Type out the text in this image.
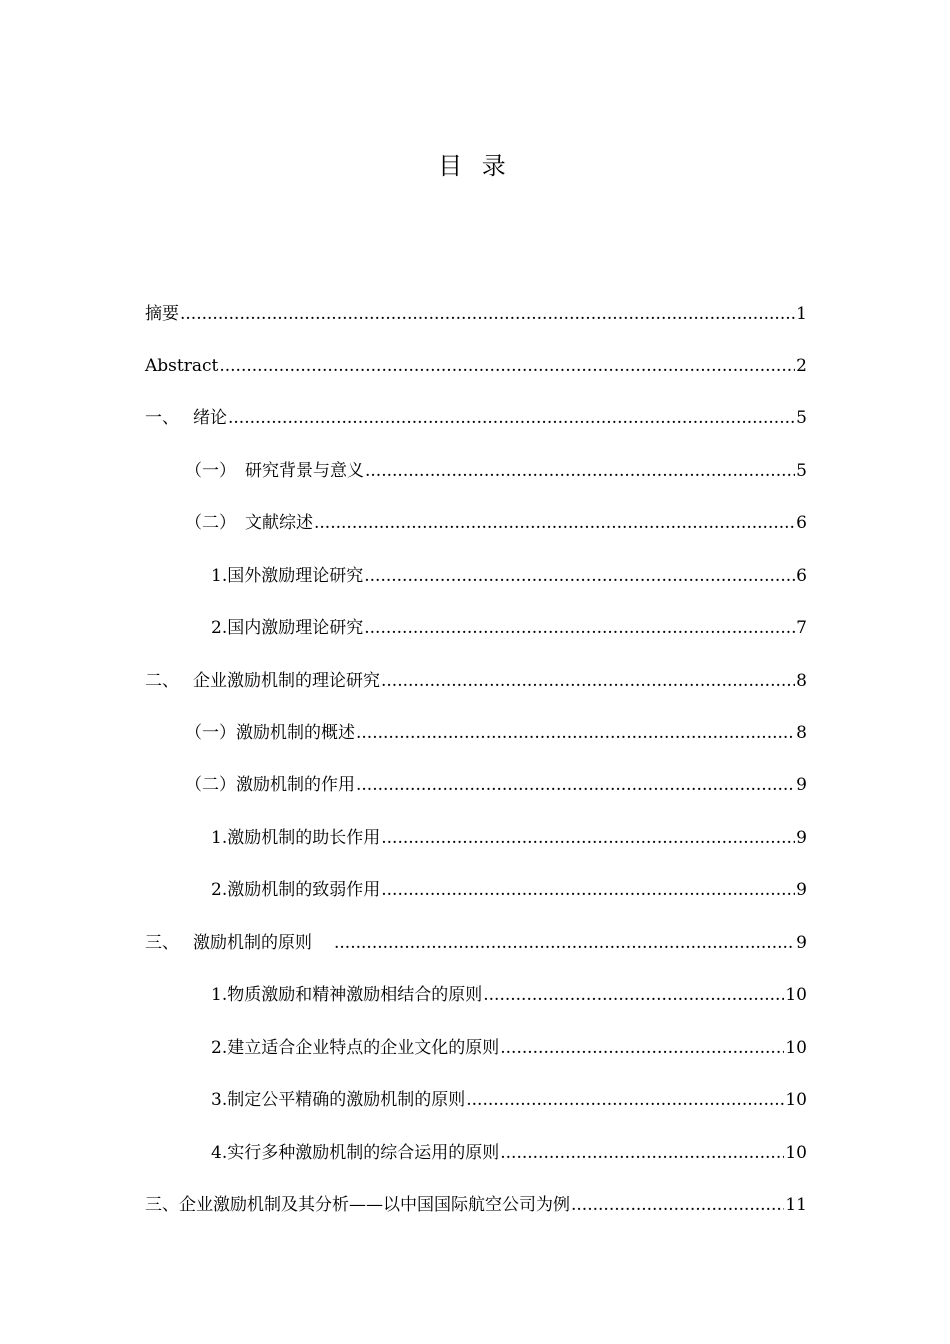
目 录
摘要 .....	1
Abstract .....	2
一、 绪论 .....	5
（一） 研究背景与意义 .....	5
（二） 文献综述 .....	6
1.国外激励理论研究 .....	6
2.国内激励理论研究 .....	7
二、 企业激励机制的理论研究 .....	8
（一）激励机制的概述 .....	8
（二）激励机制的作用 .....	9
1.激励机制的助长作用 .....	9
2.激励机制的致弱作用 .....	9
三、 激励机制的原则 .....	9
1.物质激励和精神激励相结合的原则 .....	10
2.建立适合企业特点的企业文化的原则 .....	10
3.制定公平精确的激励机制的原则 .....	10
4.实行多种激励机制的综合运用的原则 .....	10
三、企业激励机制及其分析——以中国国际航空公司为例 .....	11
